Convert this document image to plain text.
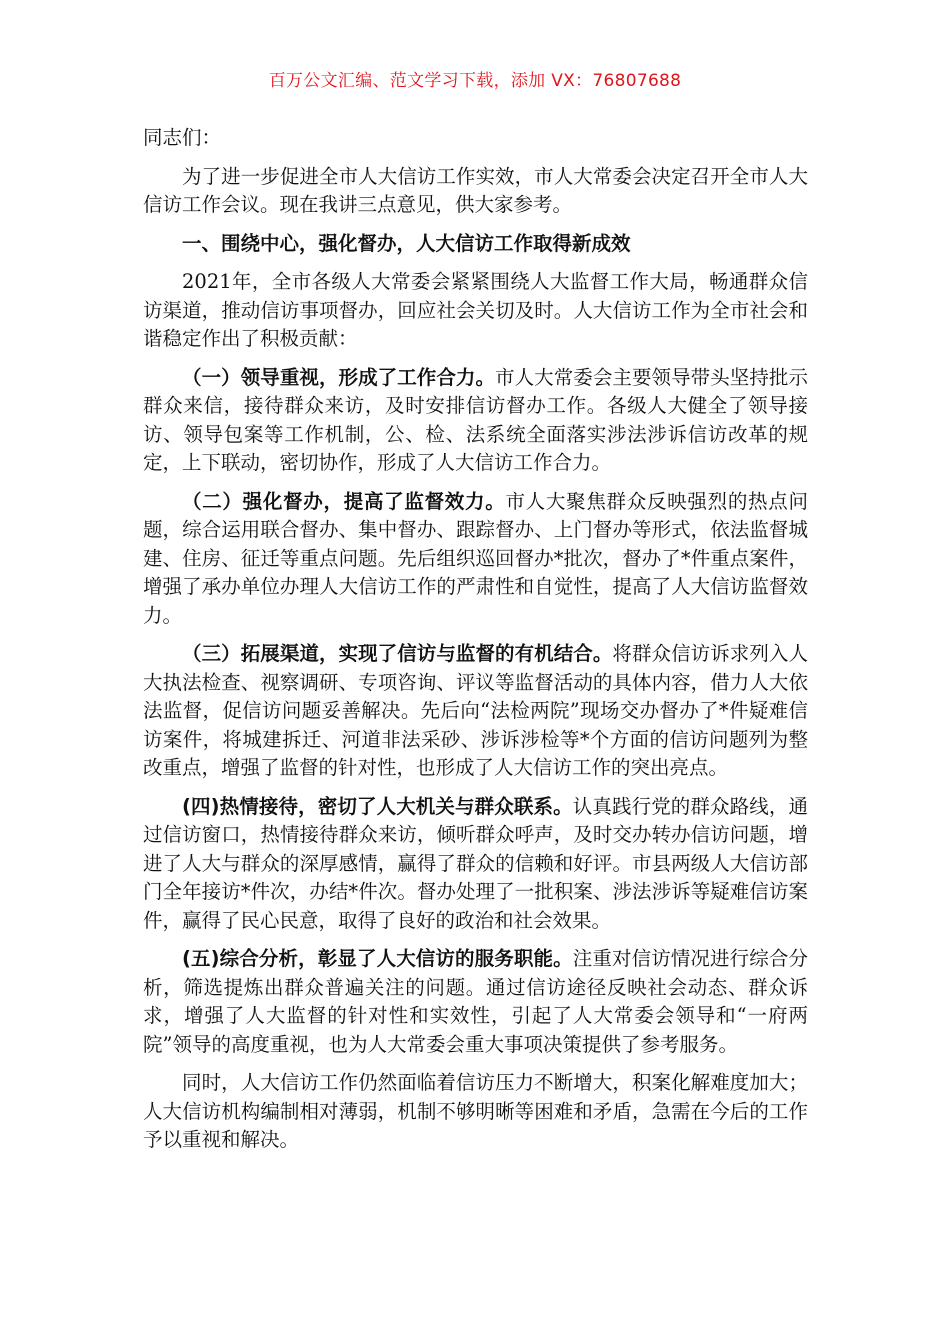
百万公文汇编、范文学习下载，添加 VX：76807688

同志们：

为了进一步促进全市人大信访工作实效，市人大常委会决定召开全市人大信访工作会议。现在我讲三点意见，供大家参考。

一、围绕中心，强化督办，人大信访工作取得新成效

2021年，全市各级人大常委会紧紧围绕人大监督工作大局，畅通群众信访渠道，推动信访事项督办，回应社会关切及时。人大信访工作为全市社会和谐稳定作出了积极贡献：

（一）领导重视，形成了工作合力。市人大常委会主要领导带头坚持批示群众来信，接待群众来访，及时安排信访督办工作。各级人大健全了领导接访、领导包案等工作机制，公、检、法系统全面落实涉法涉诉信访改革的规定，上下联动，密切协作，形成了人大信访工作合力。

（二）强化督办，提高了监督效力。市人大聚焦群众反映强烈的热点问题，综合运用联合督办、集中督办、跟踪督办、上门督办等形式，依法监督城建、住房、征迁等重点问题。先后组织巡回督办*批次，督办了*件重点案件，增强了承办单位办理人大信访工作的严肃性和自觉性，提高了人大信访监督效力。

（三）拓展渠道，实现了信访与监督的有机结合。将群众信访诉求列入人大执法检查、视察调研、专项咨询、评议等监督活动的具体内容，借力人大依法监督，促信访问题妥善解决。先后向“法检两院”现场交办督办了*件疑难信访案件，将城建拆迁、河道非法采砂、涉诉涉检等*个方面的信访问题列为整改重点，增强了监督的针对性，也形成了人大信访工作的突出亮点。

(四)热情接待，密切了人大机关与群众联系。认真践行党的群众路线，通过信访窗口，热情接待群众来访，倾听群众呼声，及时交办转办信访问题，增进了人大与群众的深厚感情，赢得了群众的信赖和好评。市县两级人大信访部门全年接访*件次，办结*件次。督办处理了一批积案、涉法涉诉等疑难信访案件，赢得了民心民意，取得了良好的政治和社会效果。

(五)综合分析，彰显了人大信访的服务职能。注重对信访情况进行综合分析，筛选提炼出群众普遍关注的问题。通过信访途径反映社会动态、群众诉求，增强了人大监督的针对性和实效性，引起了人大常委会领导和“一府两院”领导的高度重视，也为人大常委会重大事项决策提供了参考服务。

同时，人大信访工作仍然面临着信访压力不断增大，积案化解难度加大；人大信访机构编制相对薄弱，机制不够明晰等困难和矛盾，急需在今后的工作予以重视和解决。
